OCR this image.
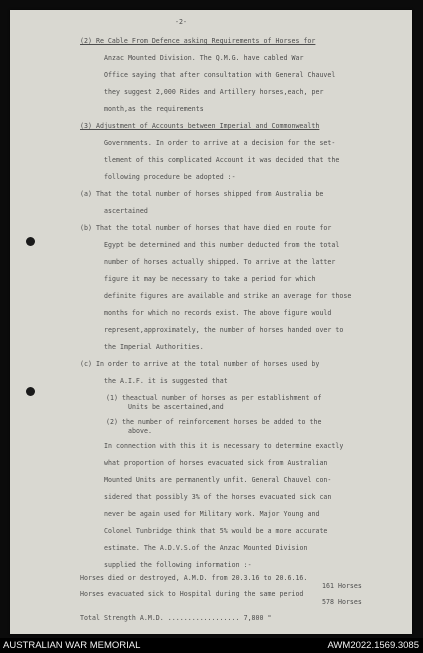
-2-
(2) Re Cable From Defence asking Requirements of Horses for
Anzac Mounted Division. The Q.M.G. have cabled War
Office saying that after consultation with General Chauvel
they suggest 2,000 Rides and Artillery horses,each, per
month,as the requirements
(3) Adjustment of Accounts between Imperial and Commonwealth
Governments. In order to arrive at a decision for the set-
tlement of this complicated Account it was decided that the
following procedure be adopted :-
(a) That the total number of horses shipped from Australia be
ascertained
(b) That the total number of horses that have died en route for
Egypt be determined and this number deducted from the total
number of horses actually shipped. To arrive at the latter
figure it may be necessary to take a period for which
definite figures are available and strike an average for those
months for which no records exist. The above figure would
represent,approximately, the number of horses handed over to
the Imperial Authorities.
(c) In order to arrive at the total number of horses used by
the A.I.F. it is suggested that
(1) theactual number of horses as per establishment of
Units be ascertained,and
(2) the number of reinforcement horses be added to the
above.
In connection with this it is necessary to determine exactly
what proportion of horses evacuated sick from Australian
Mounted Units are permanently unfit. General Chauvel con-
sidered that possibly 3% of the horses evacuated sick can
never be again used for Military work. Major Young and
Colonel Tunbridge think that 5% would be a more accurate
estimate. The A.D.V.S.of the Anzac Mounted Division
supplied the following information :-
Horses died or destroyed, A.M.D. from 20.3.16 to 20.6.16.
161 Horses
Horses evacuated sick to Hospital during the same period
578 Horses
Total Strength A.M.D. .................. 7,800 "
AUSTRALIAN WAR MEMORIAL	AWM2022.1569.3085
